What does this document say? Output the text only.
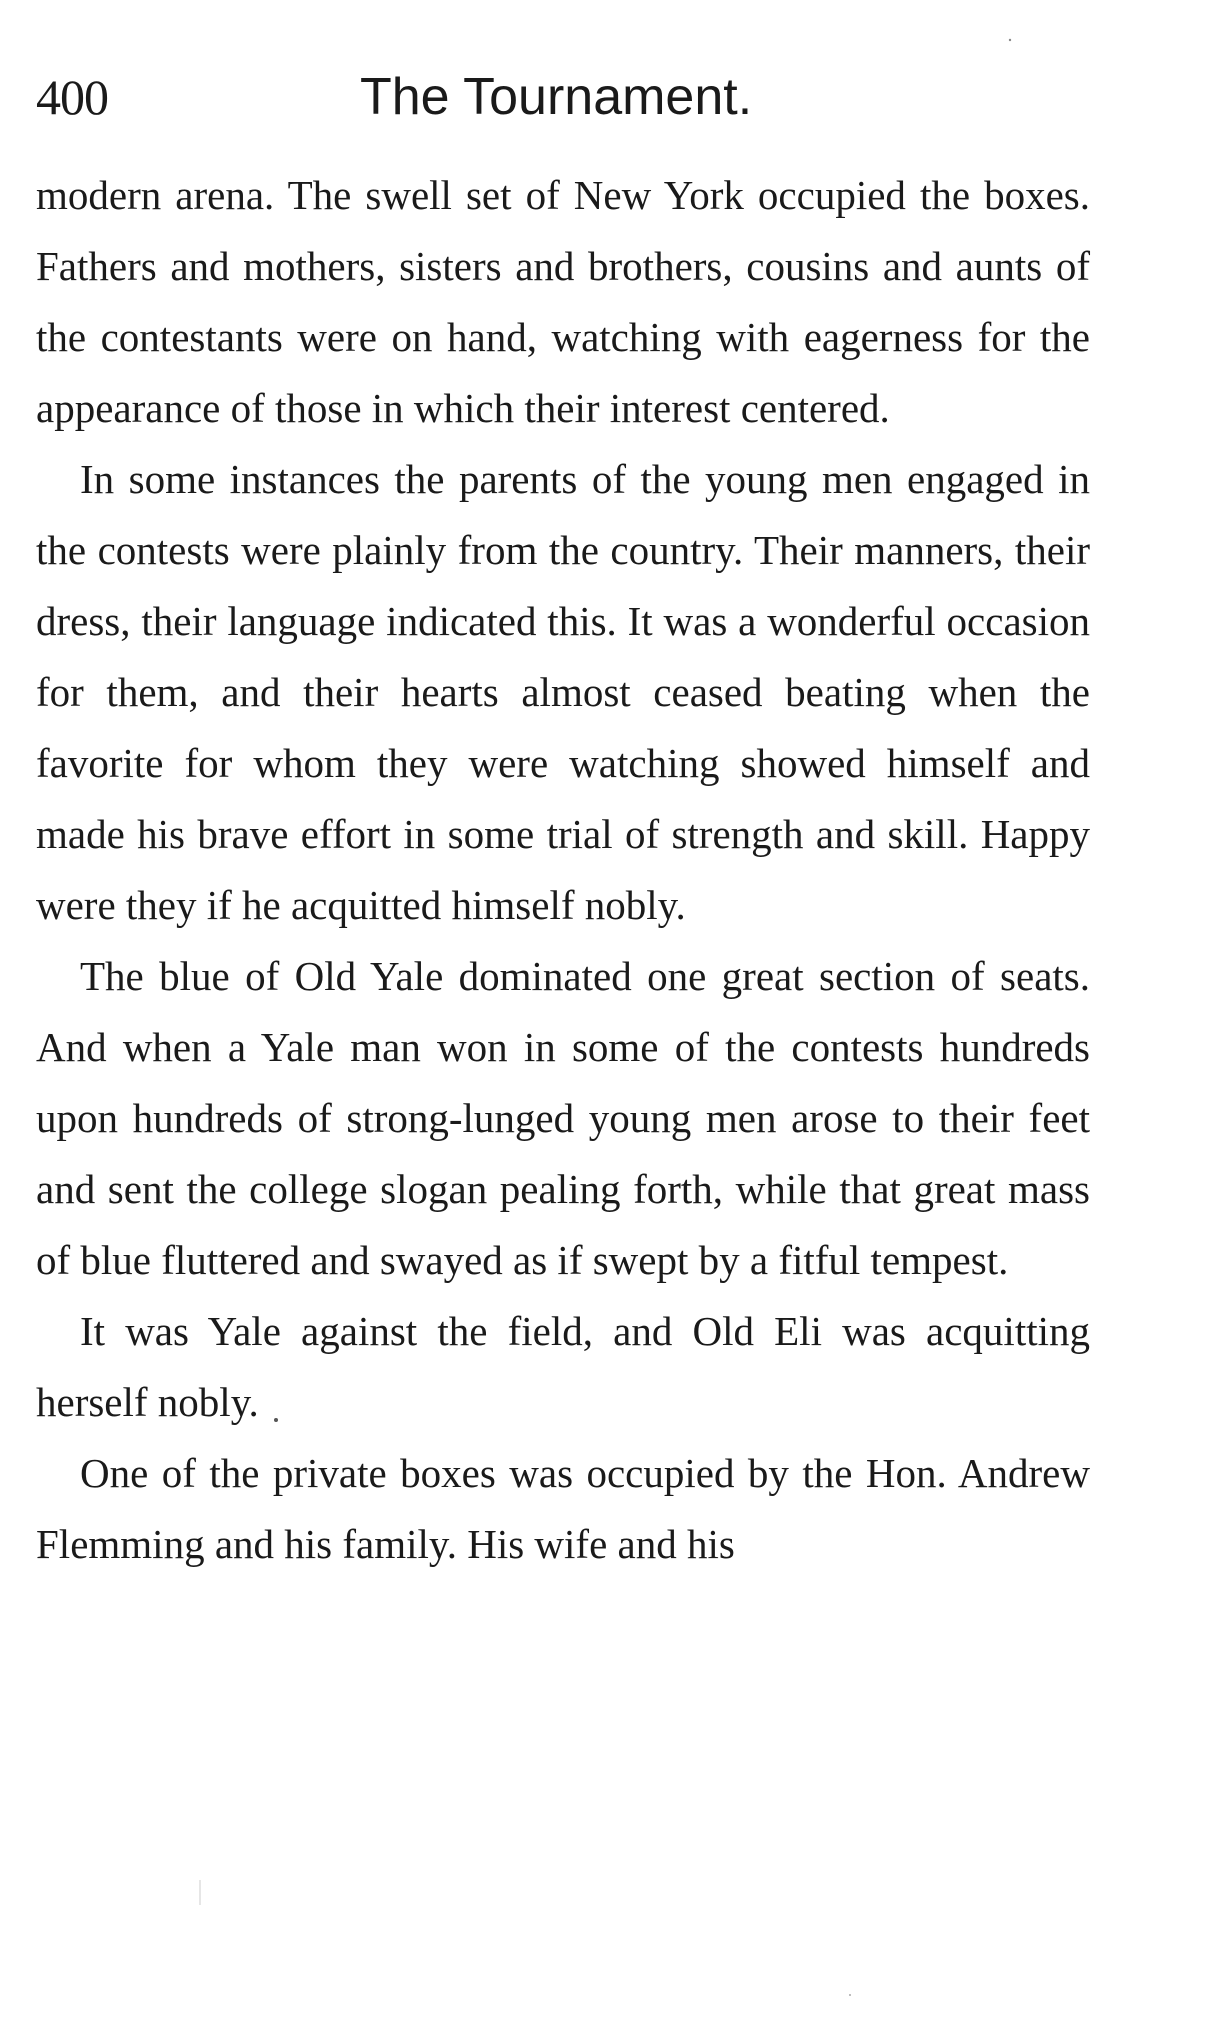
400	The Tournament.

modern arena. The swell set of New York occupied the boxes. Fathers and mothers, sisters and brothers, cousins and aunts of the contestants were on hand, watching with eagerness for the appearance of those in which their interest centered.

In some instances the parents of the young men engaged in the contests were plainly from the country. Their manners, their dress, their language indicated this. It was a wonderful occasion for them, and their hearts almost ceased beating when the favorite for whom they were watching showed himself and made his brave effort in some trial of strength and skill. Happy were they if he acquitted himself nobly.

The blue of Old Yale dominated one great section of seats. And when a Yale man won in some of the contests hundreds upon hundreds of strong-lunged young men arose to their feet and sent the college slogan pealing forth, while that great mass of blue fluttered and swayed as if swept by a fitful tempest.

It was Yale against the field, and Old Eli was acquitting herself nobly.

One of the private boxes was occupied by the Hon. Andrew Flemming and his family. His wife and his
